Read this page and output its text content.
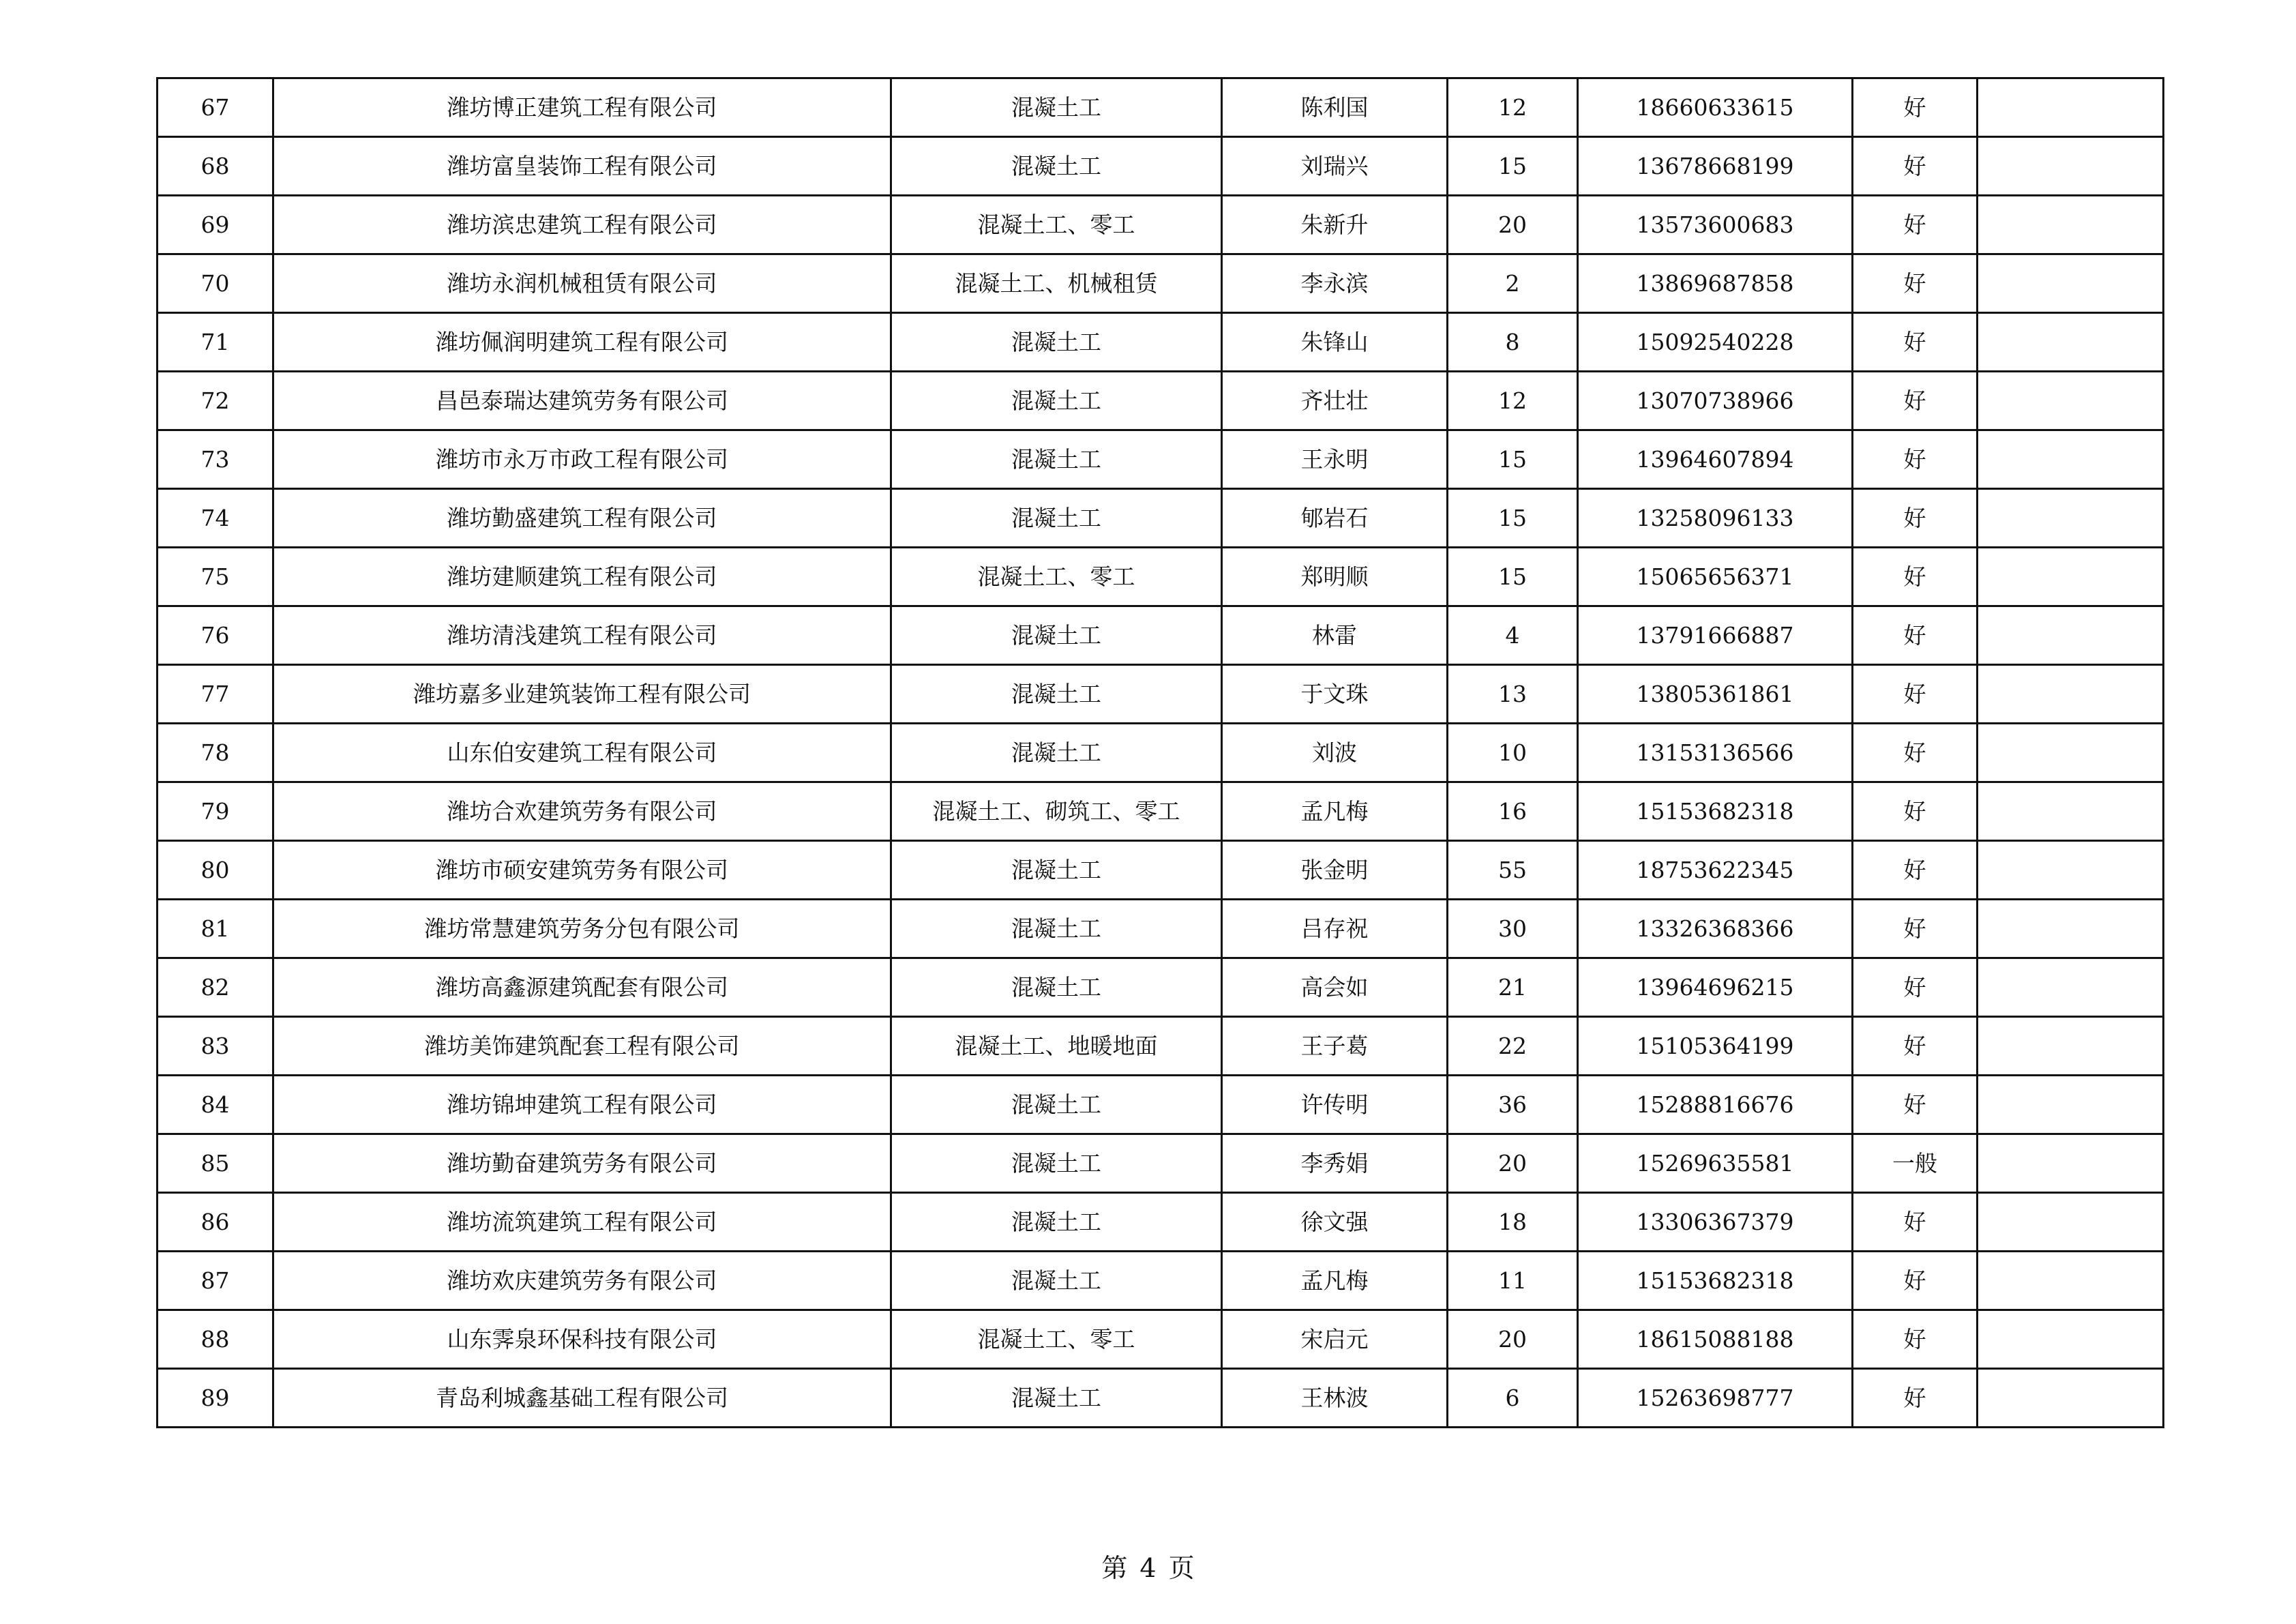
67	潍坊博正建筑工程有限公司	混凝土工	陈利国	12	18660633615	好	
68	潍坊富皇装饰工程有限公司	混凝土工	刘瑞兴	15	13678668199	好	
69	潍坊滨忠建筑工程有限公司	混凝土工、零工	朱新升	20	13573600683	好	
70	潍坊永润机械租赁有限公司	混凝土工、机械租赁	李永滨	2	13869687858	好	
71	潍坊佩润明建筑工程有限公司	混凝土工	朱锋山	8	15092540228	好	
72	昌邑泰瑞达建筑劳务有限公司	混凝土工	齐壮壮	12	13070738966	好	
73	潍坊市永万市政工程有限公司	混凝土工	王永明	15	13964607894	好	
74	潍坊勤盛建筑工程有限公司	混凝土工	郇岩石	15	13258096133	好	
75	潍坊建顺建筑工程有限公司	混凝土工、零工	郑明顺	15	15065656371	好	
76	潍坊清浅建筑工程有限公司	混凝土工	林雷	4	13791666887	好	
77	潍坊嘉多业建筑装饰工程有限公司	混凝土工	于文珠	13	13805361861	好	
78	山东伯安建筑工程有限公司	混凝土工	刘波	10	13153136566	好	
79	潍坊合欢建筑劳务有限公司	混凝土工、砌筑工、零工	孟凡梅	16	15153682318	好	
80	潍坊市硕安建筑劳务有限公司	混凝土工	张金明	55	18753622345	好	
81	潍坊常慧建筑劳务分包有限公司	混凝土工	吕存祝	30	13326368366	好	
82	潍坊高鑫源建筑配套有限公司	混凝土工	高会如	21	13964696215	好	
83	潍坊美饰建筑配套工程有限公司	混凝土工、地暖地面	王子葛	22	15105364199	好	
84	潍坊锦坤建筑工程有限公司	混凝土工	许传明	36	15288816676	好	
85	潍坊勤奋建筑劳务有限公司	混凝土工	李秀娟	20	15269635581	一般	
86	潍坊流筑建筑工程有限公司	混凝土工	徐文强	18	13306367379	好	
87	潍坊欢庆建筑劳务有限公司	混凝土工	孟凡梅	11	15153682318	好	
88	山东霁泉环保科技有限公司	混凝土工、零工	宋启元	20	18615088188	好	
89	青岛利城鑫基础工程有限公司	混凝土工	王林波	6	15263698777	好	
第 4 页
